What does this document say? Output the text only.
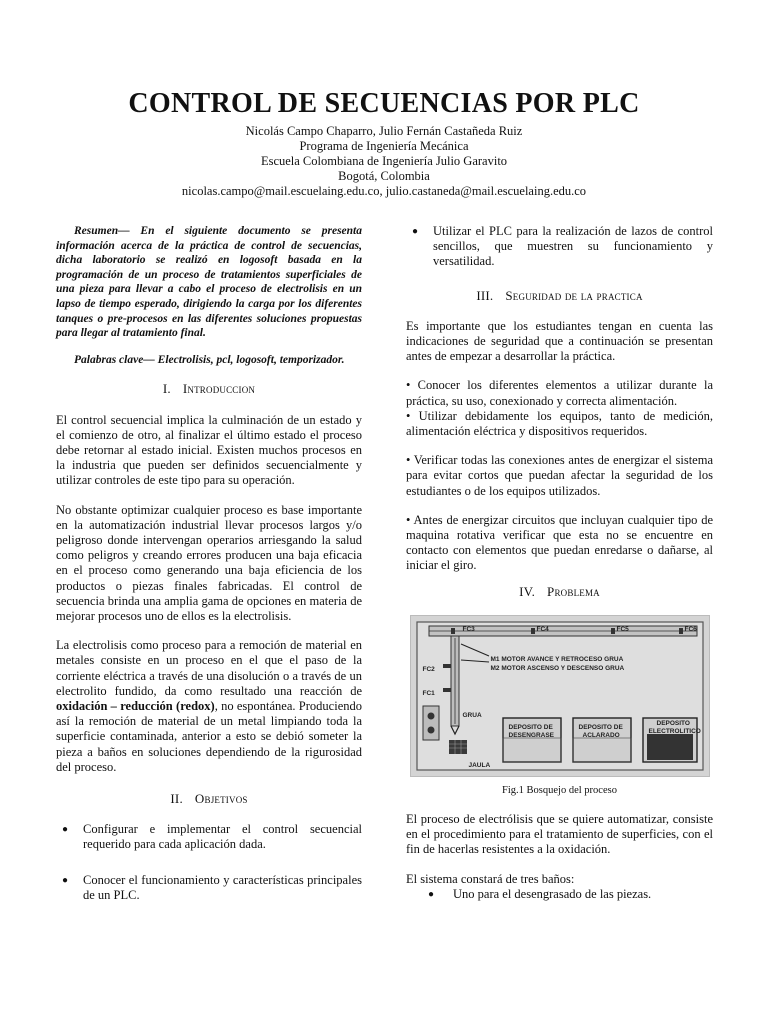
CONTROL DE SECUENCIAS POR PLC
Nicolás Campo Chaparro, Julio Fernán Castañeda Ruiz
Programa de Ingeniería Mecánica
Escuela Colombiana de Ingeniería Julio Garavito
Bogotá, Colombia
nicolas.campo@mail.escuelaing.edu.co, julio.castaneda@mail.escuelaing.edu.co

Resumen— En el siguiente documento se presenta información acerca de la práctica de control de secuencias, dicha laboratorio se realizó en logosoft basada en la programación de un proceso de tratamientos superficiales de una pieza para llevar a cabo el proceso de electrolisis en un lapso de tiempo esperado, dirigiendo la carga por los diferentes tanques o pre-procesos en las diferentes soluciones propuestas para llegar al tratamiento final.

Palabras clave— Electrolisis, pcl, logosoft, temporizador.

I. Introduccion

El control secuencial implica la culminación de un estado y el comienzo de otro, al finalizar el último estado el proceso debe retornar al estado inicial. Existen muchos procesos en la industria que pueden ser definidos secuencialmente y utilizar controles de este tipo para su operación.

No obstante optimizar cualquier proceso es base importante en la automatización industrial llevar procesos largos y/o peligroso donde intervengan operarios arriesgando la salud como peligros y creando errores producen una baja eficacia en el proceso como generando una baja eficiencia de los productos o piezas finales fabricadas. El control de secuencia brinda una amplia gama de opciones en materia de mejorar procesos uno de ellos es la electrolisis.

La electrolisis como proceso para a remoción de material en metales consiste en un proceso en el que el paso de la corriente eléctrica a través de una disolución o a través de un electrolito fundido, da como resultado una reacción de oxidación – reducción (redox), no espontánea. Produciendo así la remoción de material de un metal limpiando toda la superficie contaminada, anterior a esto se debió someter la pieza a baños en soluciones dependiendo de la rigurosidad del proceso.

II. Objetivos
● Configurar e implementar el control secuencial requerido para cada aplicación dada.
● Conocer el funcionamiento y características principales de un PLC.
● Utilizar el PLC para la realización de lazos de control sencillos, que muestren su funcionamiento y versatilidad.
III. Seguridad de la practica

Es importante que los estudiantes tengan en cuenta las indicaciones de seguridad que a continuación se presentan antes de empezar a desarrollar la práctica.

• Conocer los diferentes elementos a utilizar durante la práctica, su uso, conexionado y correcta alimentación.

• Utilizar debidamente los equipos, tanto de medición, alimentación eléctrica y dispositivos requeridos.

• Verificar todas las conexiones antes de energizar el sistema para evitar cortos que puedan afectar la seguridad de los estudiantes o de los equipos utilizados.

• Antes de energizar circuitos que incluyan cualquier tipo de maquina rotativa verificar que esta no se encuentre en contacto con elementos que puedan enredarse o dañarse, al iniciar el giro.

IV. Problema
FC3	FC4	FC5	FC6
FC2
FC1
M1 MOTOR AVANCE Y RETROCESO GRUA
M2 MOTOR ASCENSO Y DESCENSO GRUA
GRUA
JAULA
DEPOSITO DE
DESENGRASE
DEPOSITO DE
ACLARADO
DEPOSITO
ELECTROLITICO
Fig.1 Bosquejo del proceso

El proceso de electrólisis que se quiere automatizar, consiste en el procedimiento para el tratamiento de superficies, con el fin de hacerlas resistentes a la oxidación.

El sistema constará de tres baños:

● Uno para el desengrasado de las piezas.
